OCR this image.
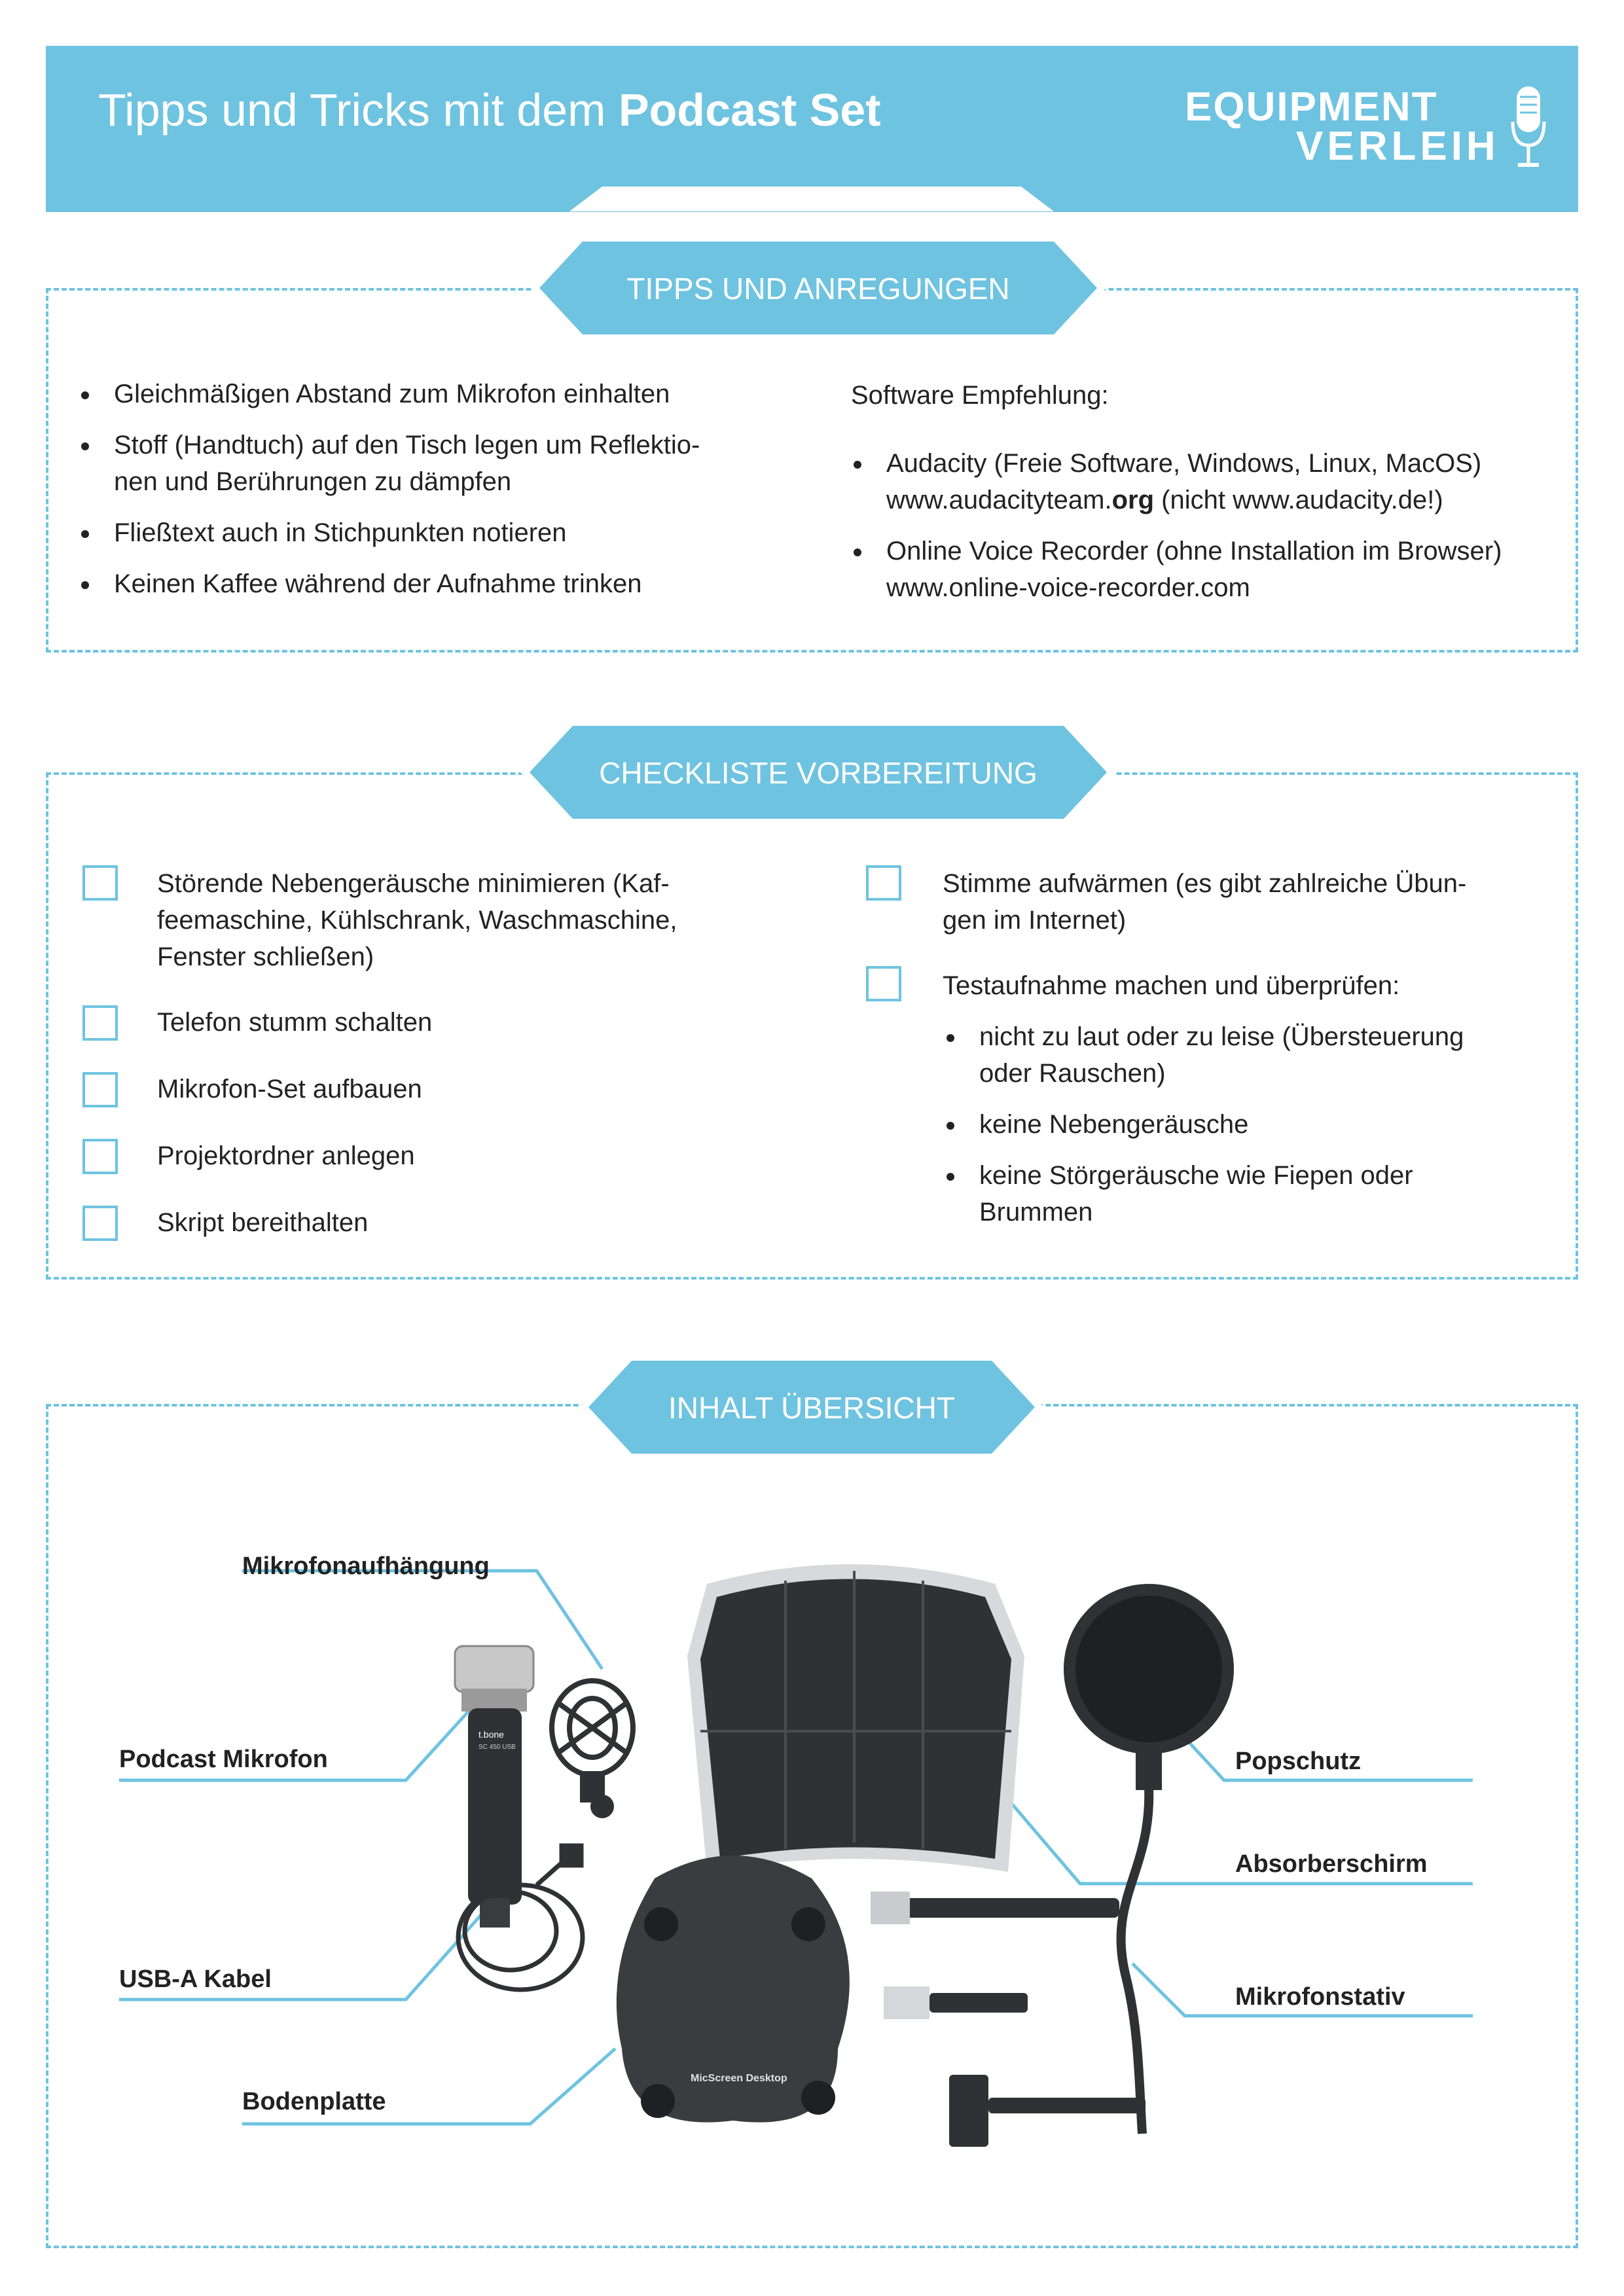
Tipps und Tricks mit dem Podcast Set	EQUIPMENT
VERLEIH
TIPPS UND ANREGUNGEN
Gleichmäßigen Abstand zum Mikrofon einhalten
Stoff (Handtuch) auf den Tisch legen um Reflektio-
nen und Berührungen zu dämpfen
Fließtext auch in Stichpunkten notieren
Keinen Kaffee während der Aufnahme trinken
Software Empfehlung:
Audacity (Freie Software, Windows, Linux, MacOS)
www.audacityteam.org (nicht www.audacity.de!)
Online Voice Recorder (ohne Installation im Browser)
www.online-voice-recorder.com
CHECKLISTE VORBEREITUNG
Störende Nebengeräusche minimieren (Kaf-
feemaschine, Kühlschrank, Waschmaschine,
Fenster schließen)
Telefon stumm schalten
Mikrofon-Set aufbauen
Projektordner anlegen
Skript bereithalten
Stimme aufwärmen (es gibt zahlreiche Übun-
gen im Internet)
Testaufnahme machen und überprüfen:
nicht zu laut oder zu leise (Übersteuerung
oder Rauschen)
keine Nebengeräusche
keine Störgeräusche wie Fiepen oder
Brummen
INHALT ÜBERSICHT
t.bone
SC 450 USB
MicScreen Desktop
Mikrofonaufhängung
Podcast Mikrofon
USB-A Kabel
Bodenplatte
Popschutz
Absorberschirm
Mikrofonstativ
